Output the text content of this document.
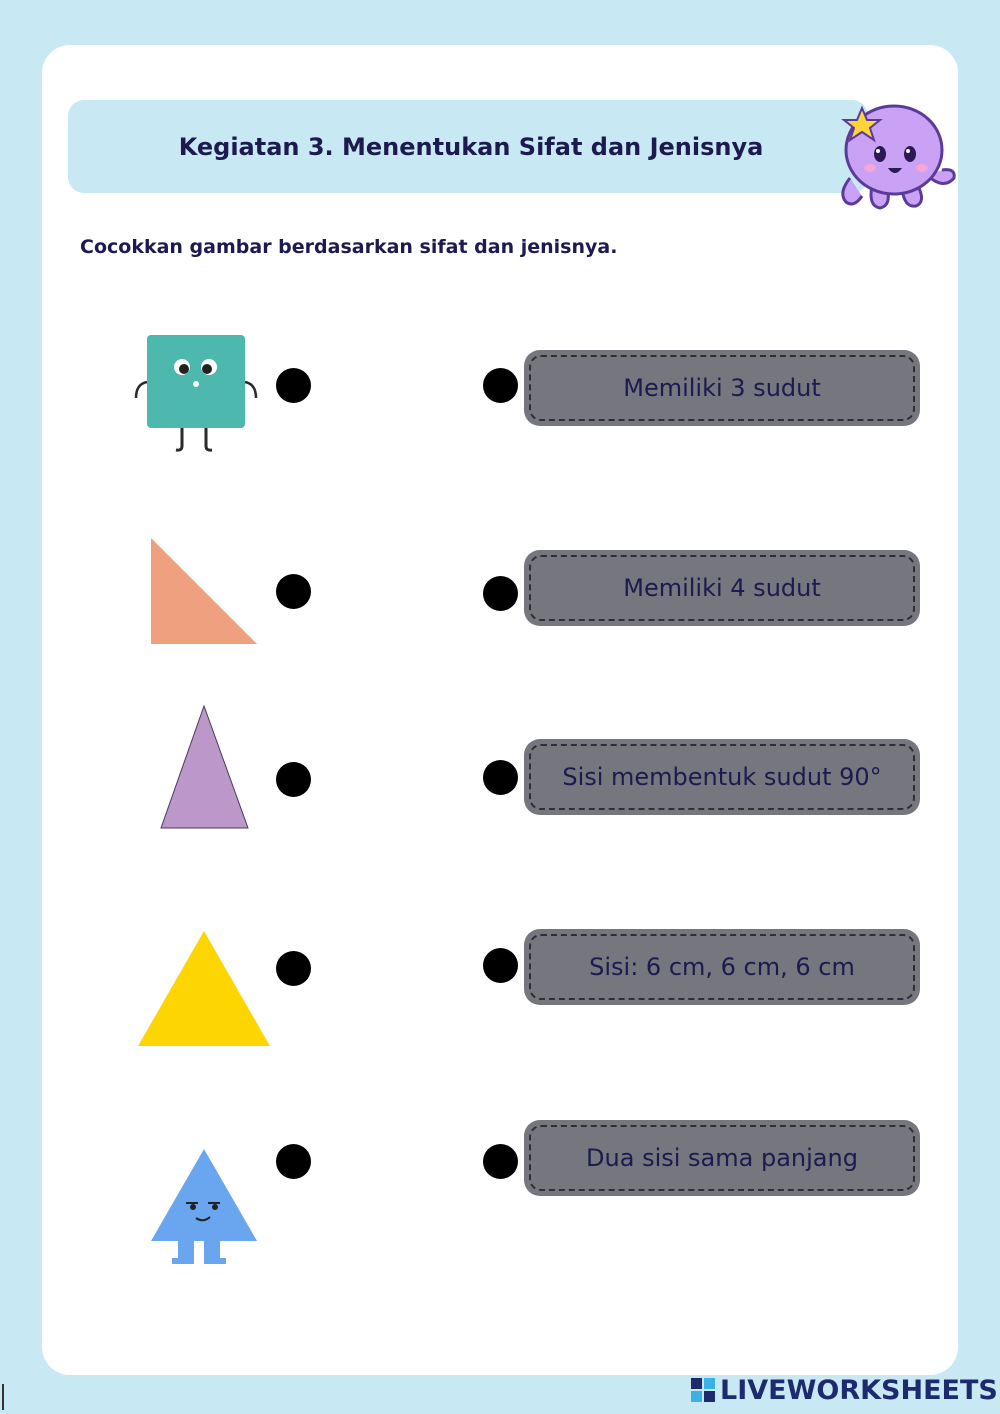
Kegiatan 3. Menentukan Sifat dan Jenisnya
Cocokkan gambar berdasarkan sifat dan jenisnya.
Memiliki 3 sudut
Memiliki 4 sudut
Sisi membentuk sudut 90°
Sisi: 6 cm, 6 cm, 6 cm
Dua sisi sama panjang
LIVEWORKSHEETS
